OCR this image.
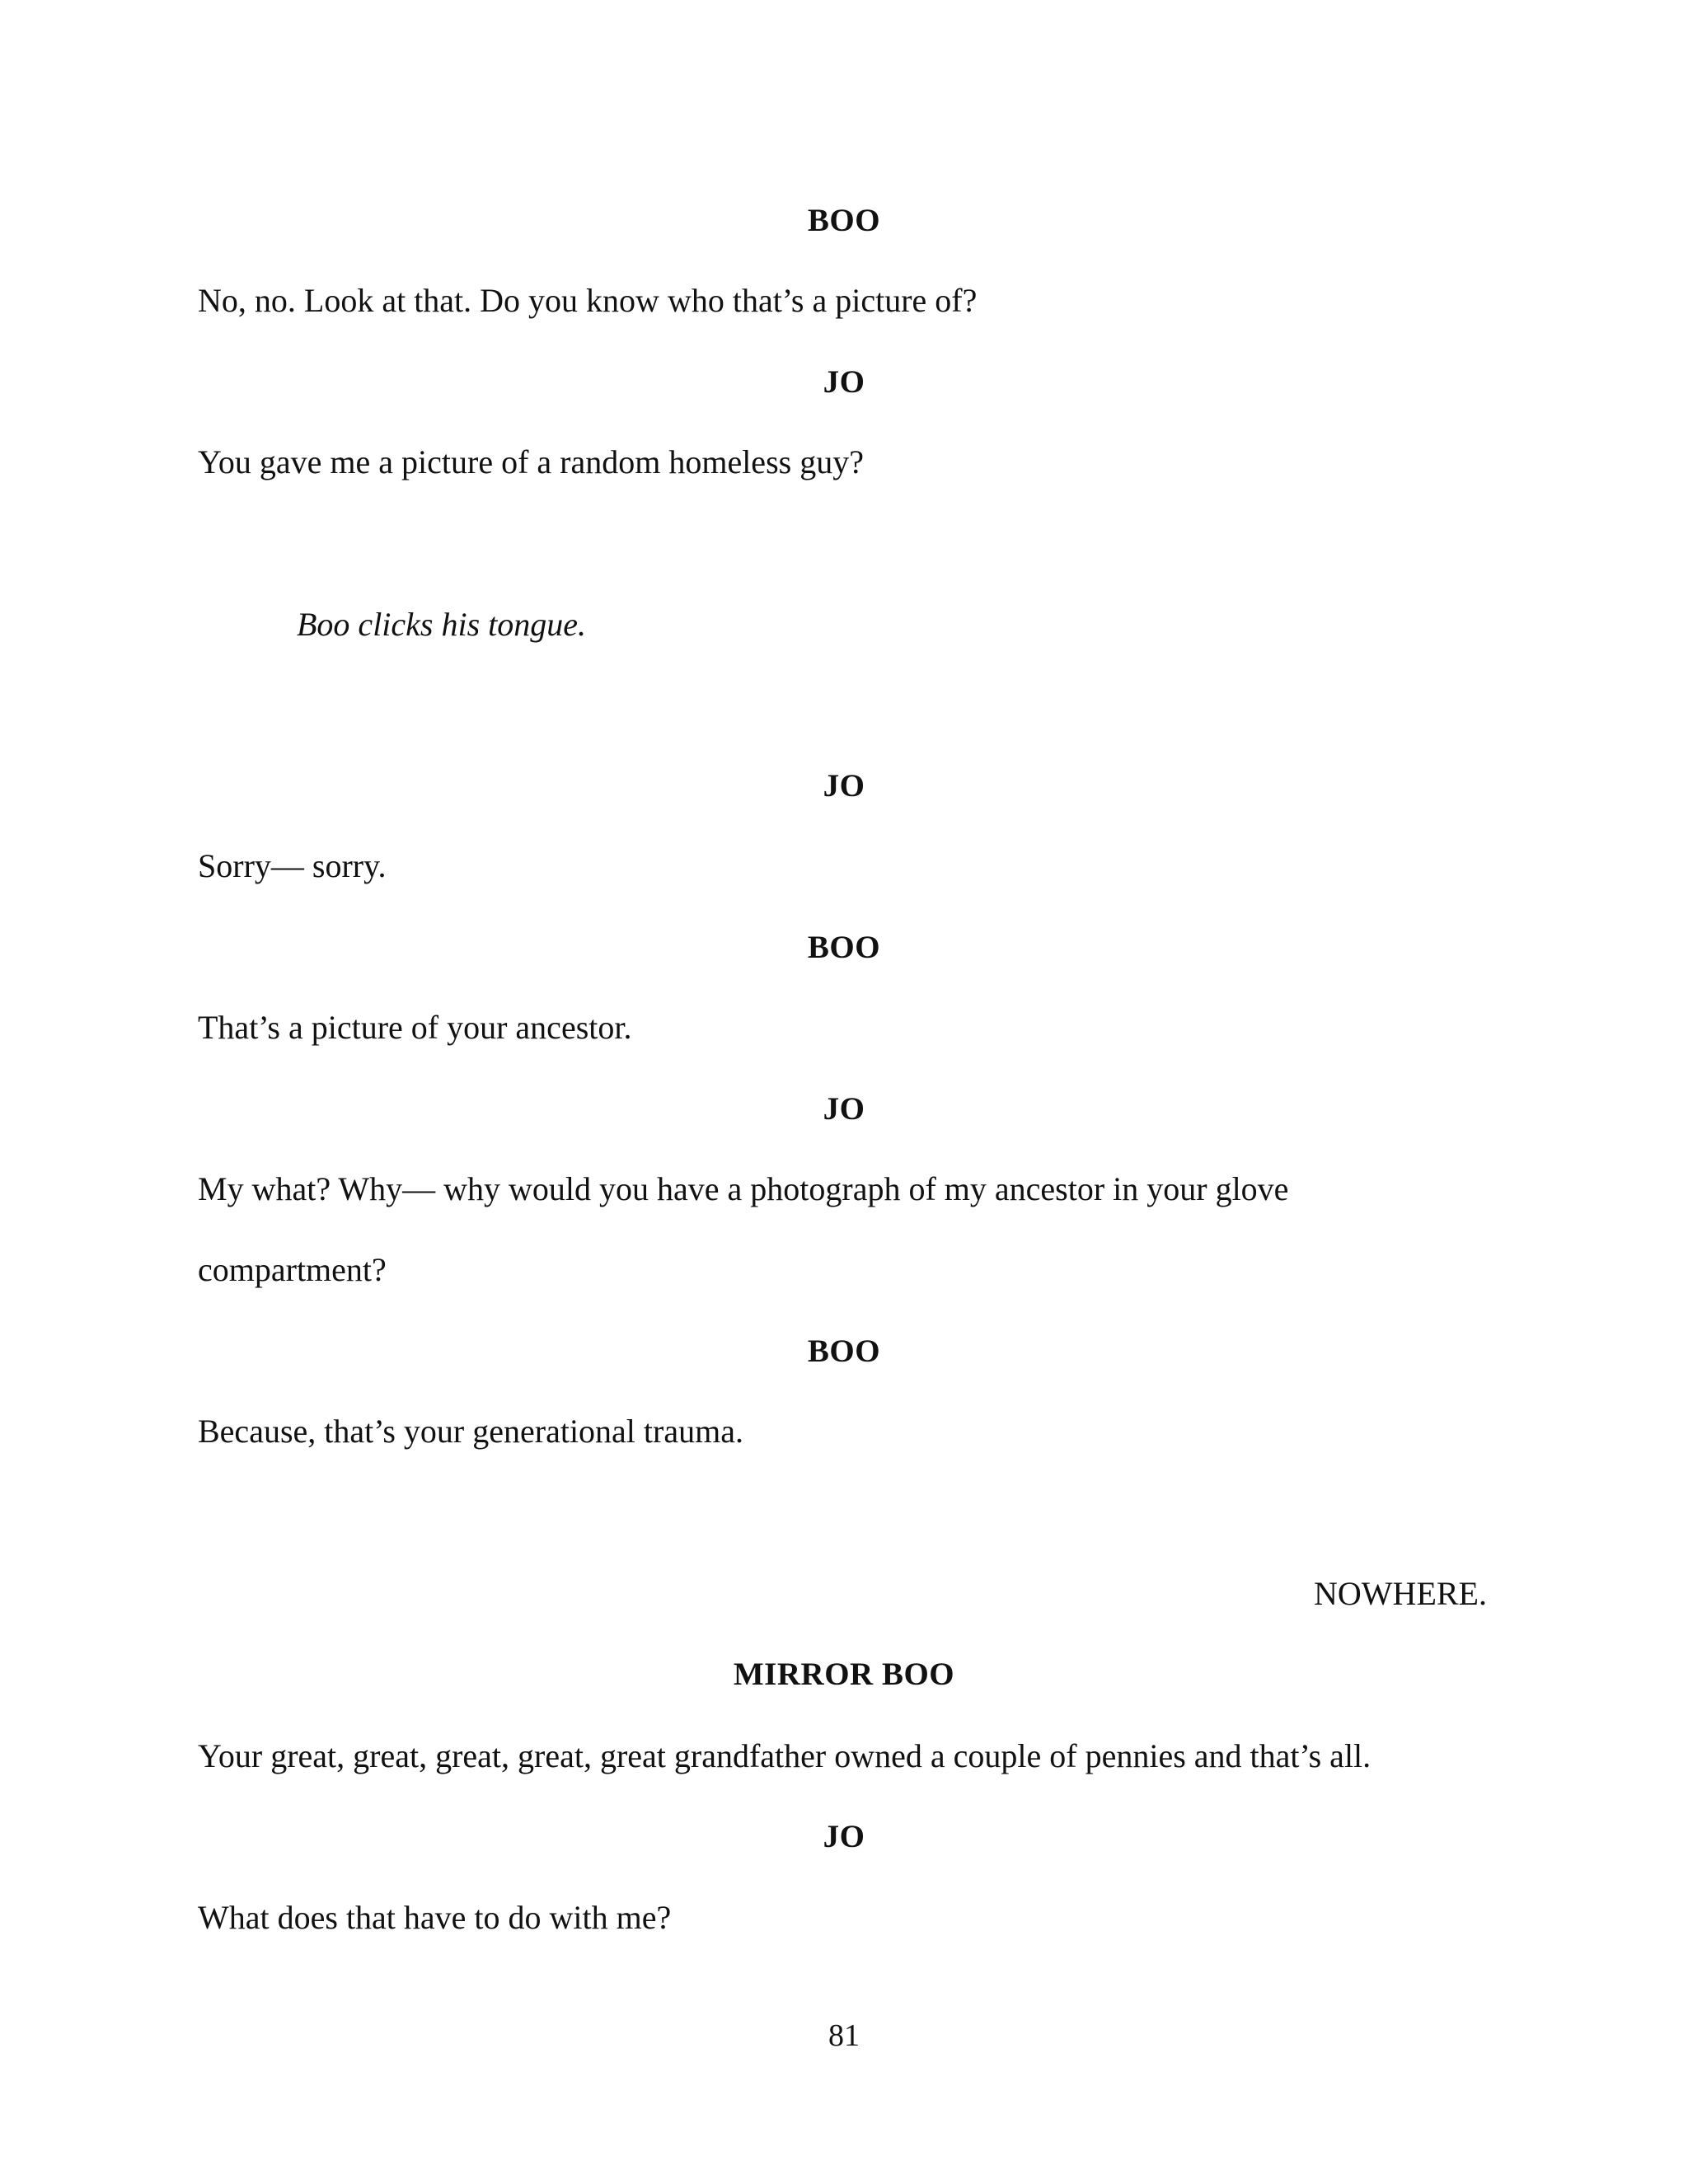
BOO
No, no. Look at that. Do you know who that’s a picture of?
JO
You gave me a picture of a random homeless guy?
Boo clicks his tongue.
JO
Sorry— sorry.
BOO
That’s a picture of your ancestor.
JO
My what? Why— why would you have a photograph of my ancestor in your glove
compartment?
BOO
Because, that’s your generational trauma.
NOWHERE.
MIRROR BOO
Your great, great, great, great, great grandfather owned a couple of pennies and that’s all.
JO
What does that have to do with me?
81
